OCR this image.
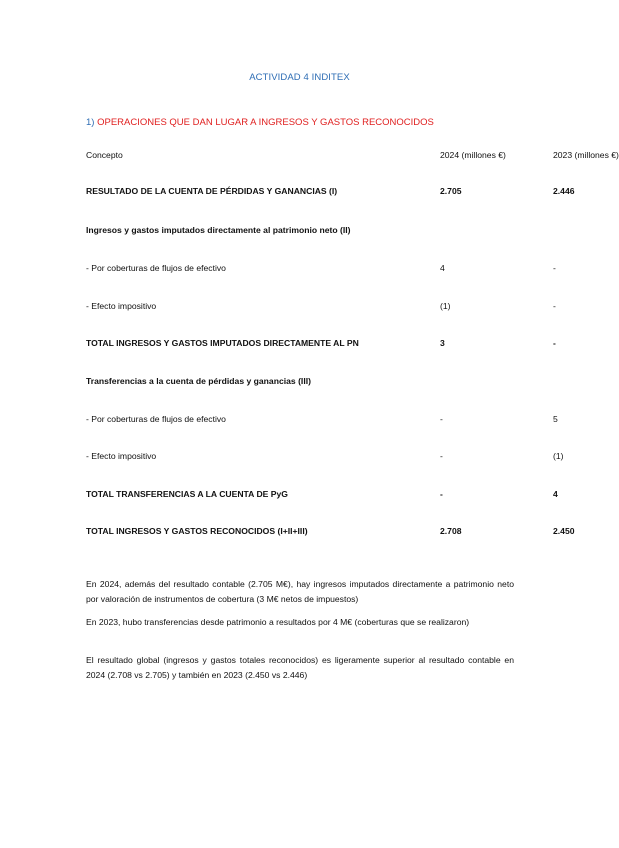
ACTIVIDAD 4 INDITEX
1) OPERACIONES QUE DAN LUGAR A INGRESOS Y GASTOS RECONOCIDOS
Concepto	2024 (millones €)	2023 (millones €)
RESULTADO DE LA CUENTA DE PÉRDIDAS Y GANANCIAS (I)	2.705	2.446
Ingresos y gastos imputados directamente al patrimonio neto (II)
- Por coberturas de flujos de efectivo	4	-
- Efecto impositivo	(1)	-
TOTAL INGRESOS Y GASTOS IMPUTADOS DIRECTAMENTE AL PN	3	-
Transferencias a la cuenta de pérdidas y ganancias (III)
- Por coberturas de flujos de efectivo	-	5
- Efecto impositivo	-	(1)
TOTAL TRANSFERENCIAS A LA CUENTA DE PyG	-	4
TOTAL INGRESOS Y GASTOS RECONOCIDOS (I+II+III)	2.708	2.450
En 2024, además del resultado contable (2.705 M€), hay ingresos imputados directamente a patrimonio neto por valoración de instrumentos de cobertura (3 M€ netos de impuestos)
En 2023, hubo transferencias desde patrimonio a resultados por 4 M€ (coberturas que se realizaron)
El resultado global (ingresos y gastos totales reconocidos) es ligeramente superior al resultado contable en 2024 (2.708 vs 2.705) y también en 2023 (2.450 vs 2.446)
